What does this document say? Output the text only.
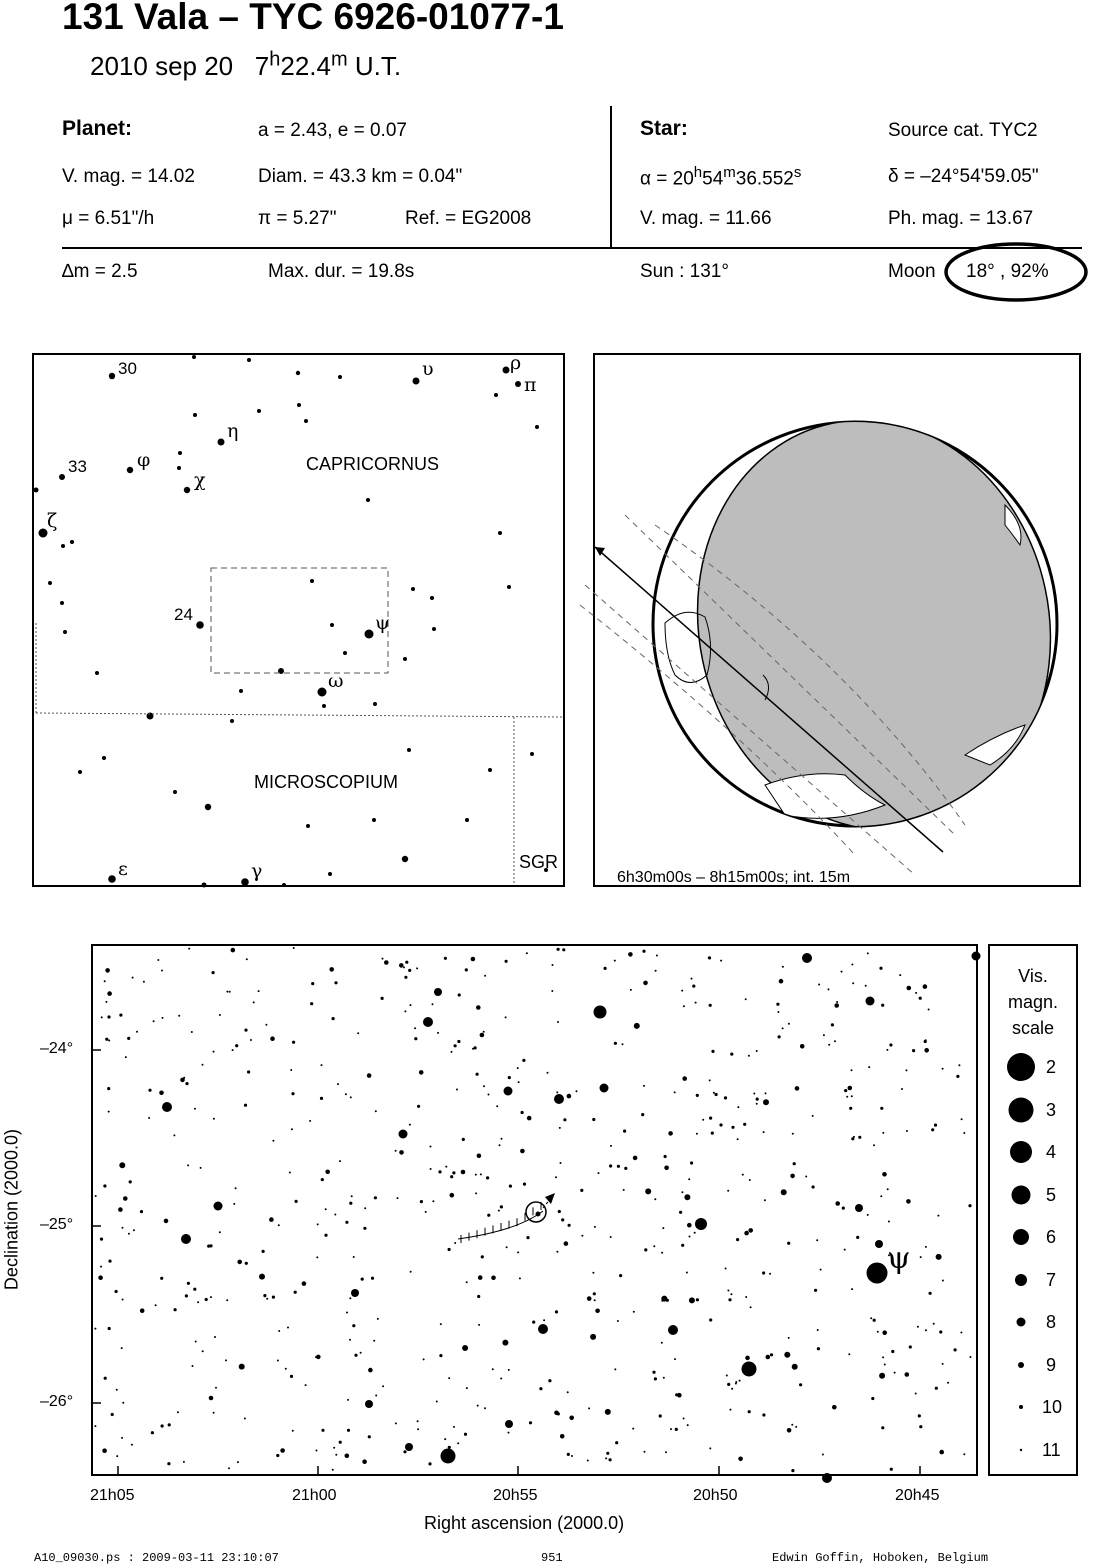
131 Vala – TYC 6926-01077-1
2010 sep 20   7$^h$22.4$^m$ U.T.
Planet:	a = 2.43, e = 0.07
V. mag. = 14.02	Diam. = 43.3 km = 0.04"
μ = 6.51"/h	π = 5.27"	Ref. = EG2008
∆m = 2.5	Max. dur. = 19.8s
Star:	Source cat. TYC2
$\alpha = 20^h54^m36.552^s$	δ = –24°54'59.05"
V. mag. = 11.66	Ph. mag. = 13.67
Sun : 131°	Moon 18° , 92%
30
33
24
υ	ρ
π
η
φ
χ
ζ
ψ
ω
ε	γ
CAPRICORNUS
MICROSCOPIUM
SGR
6h30m00s – 8h15m00s; int. 15m
ψ
21h05	21h00	20h55	20h50	20h45
–24°
–25°
–26°
Right ascension (2000.0)
Declination (2000.0)
Vis.
magn.
scale
2
3
4
5
6
7
8
9
10
11
A10_09030.ps : 2009-03-11 23:10:07	951	Edwin Goffin, Hoboken, Belgium
